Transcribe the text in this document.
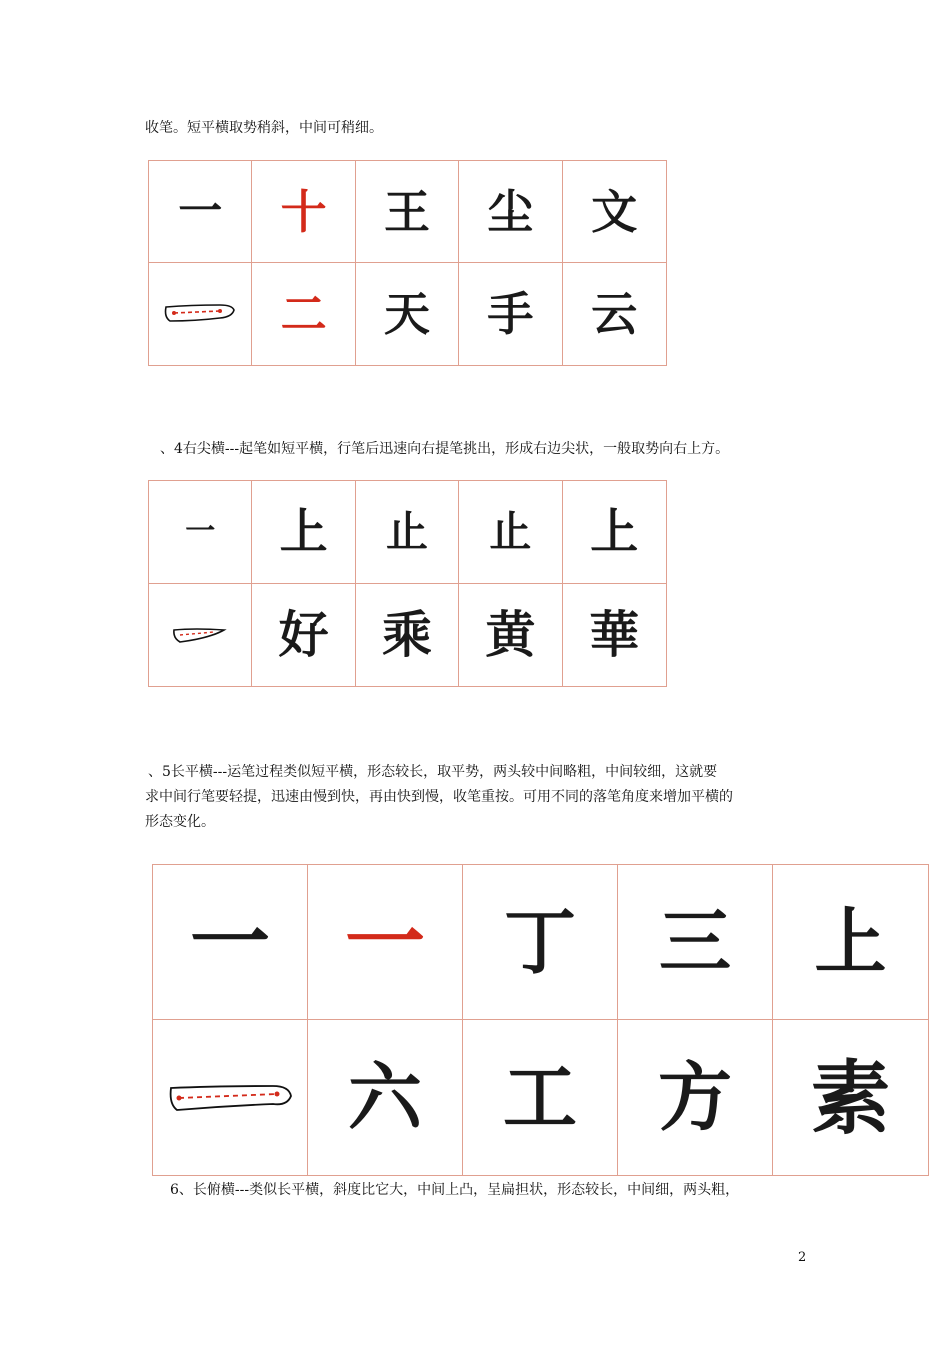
收笔。短平横取势稍斜，中间可稍细。

一 十 王 尘 文
二 天 手 云

、4右尖横---起笔如短平横，行笔后迅速向右提笔挑出，形成右边尖状，一般取势向右上方。

一 上 止 止 上
好 乘 黄 華

、5长平横---运笔过程类似短平横，形态较长，取平势，两头较中间略粗，中间较细，这就要

求中间行笔要轻提，迅速由慢到快，再由快到慢，收笔重按。可用不同的落笔角度来增加平横的

形态变化。

一 一 丁 三 上
六 工 方 素

6、长俯横---类似长平横，斜度比它大，中间上凸，呈扁担状，形态较长，中间细，两头粗，

2
